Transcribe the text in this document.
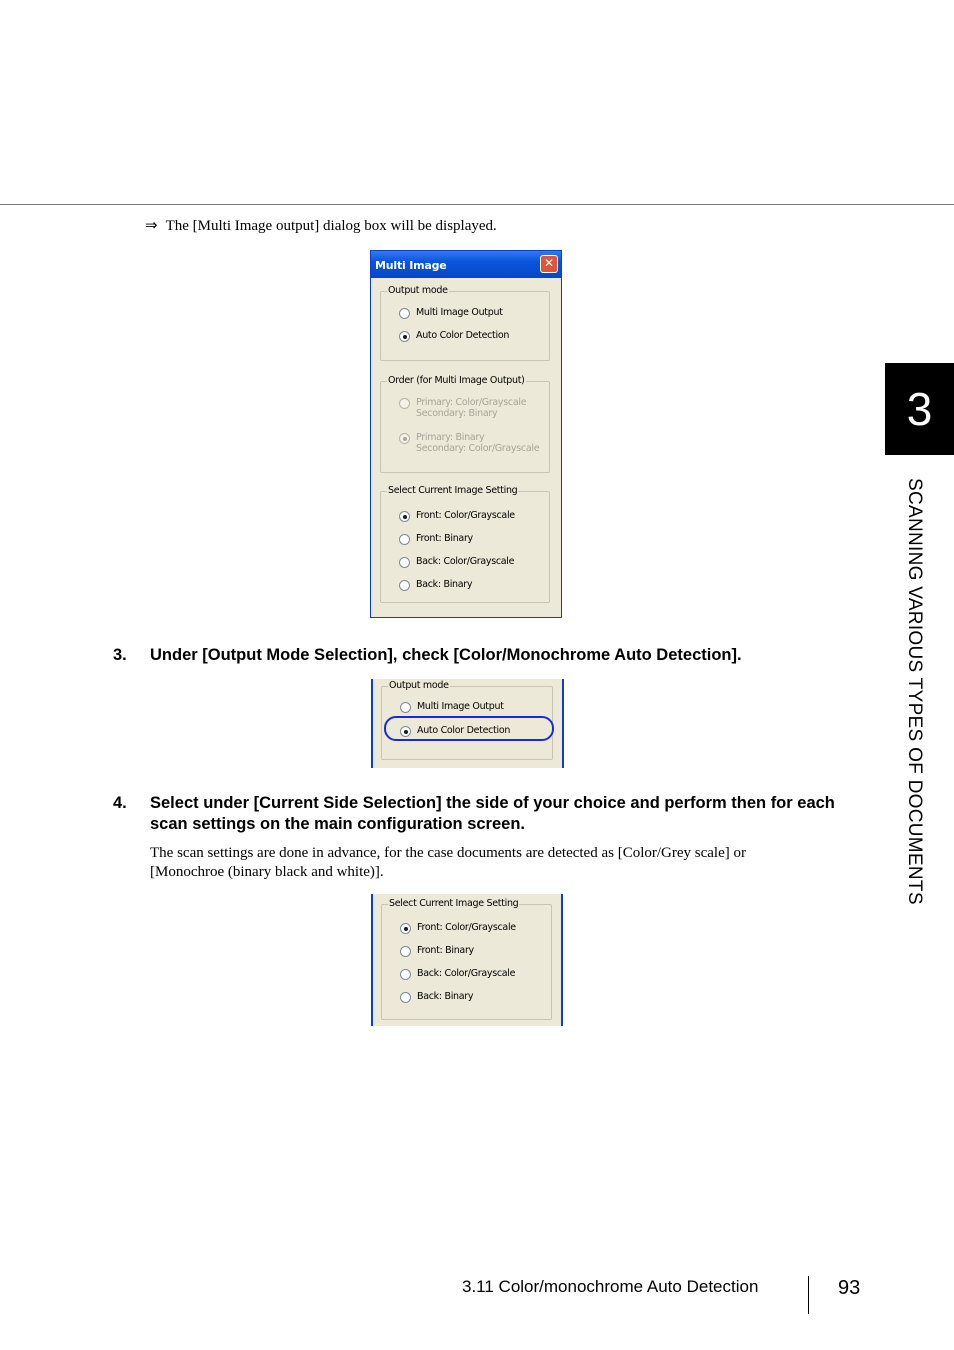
⇒ The [Multi Image output] dialog box will be displayed.
Multi Image	✕
Output mode
Multi Image Output
Auto Color Detection
Order (for Multi Image Output)
Primary: Color/Grayscale
Secondary: Binary
Primary: Binary
Secondary: Color/Grayscale
Select Current Image Setting
Front: Color/Grayscale
Front: Binary
Back: Color/Grayscale
Back: Binary
3. Under [Output Mode Selection], check [Color/Monochrome Auto Detection].
Output mode
Multi Image Output
Auto Color Detection
4. Select under [Current Side Selection] the side of your choice and perform then for each scan settings on the main configuration screen.
The scan settings are done in advance, for the case documents are detected as [Color/Grey scale] or [Monochroe (binary black and white)].
Select Current Image Setting
Front: Color/Grayscale
Front: Binary
Back: Color/Grayscale
Back: Binary
3
SCANNING VARIOUS TYPES OF DOCUMENTS
3.11 Color/monochrome Auto Detection	93
